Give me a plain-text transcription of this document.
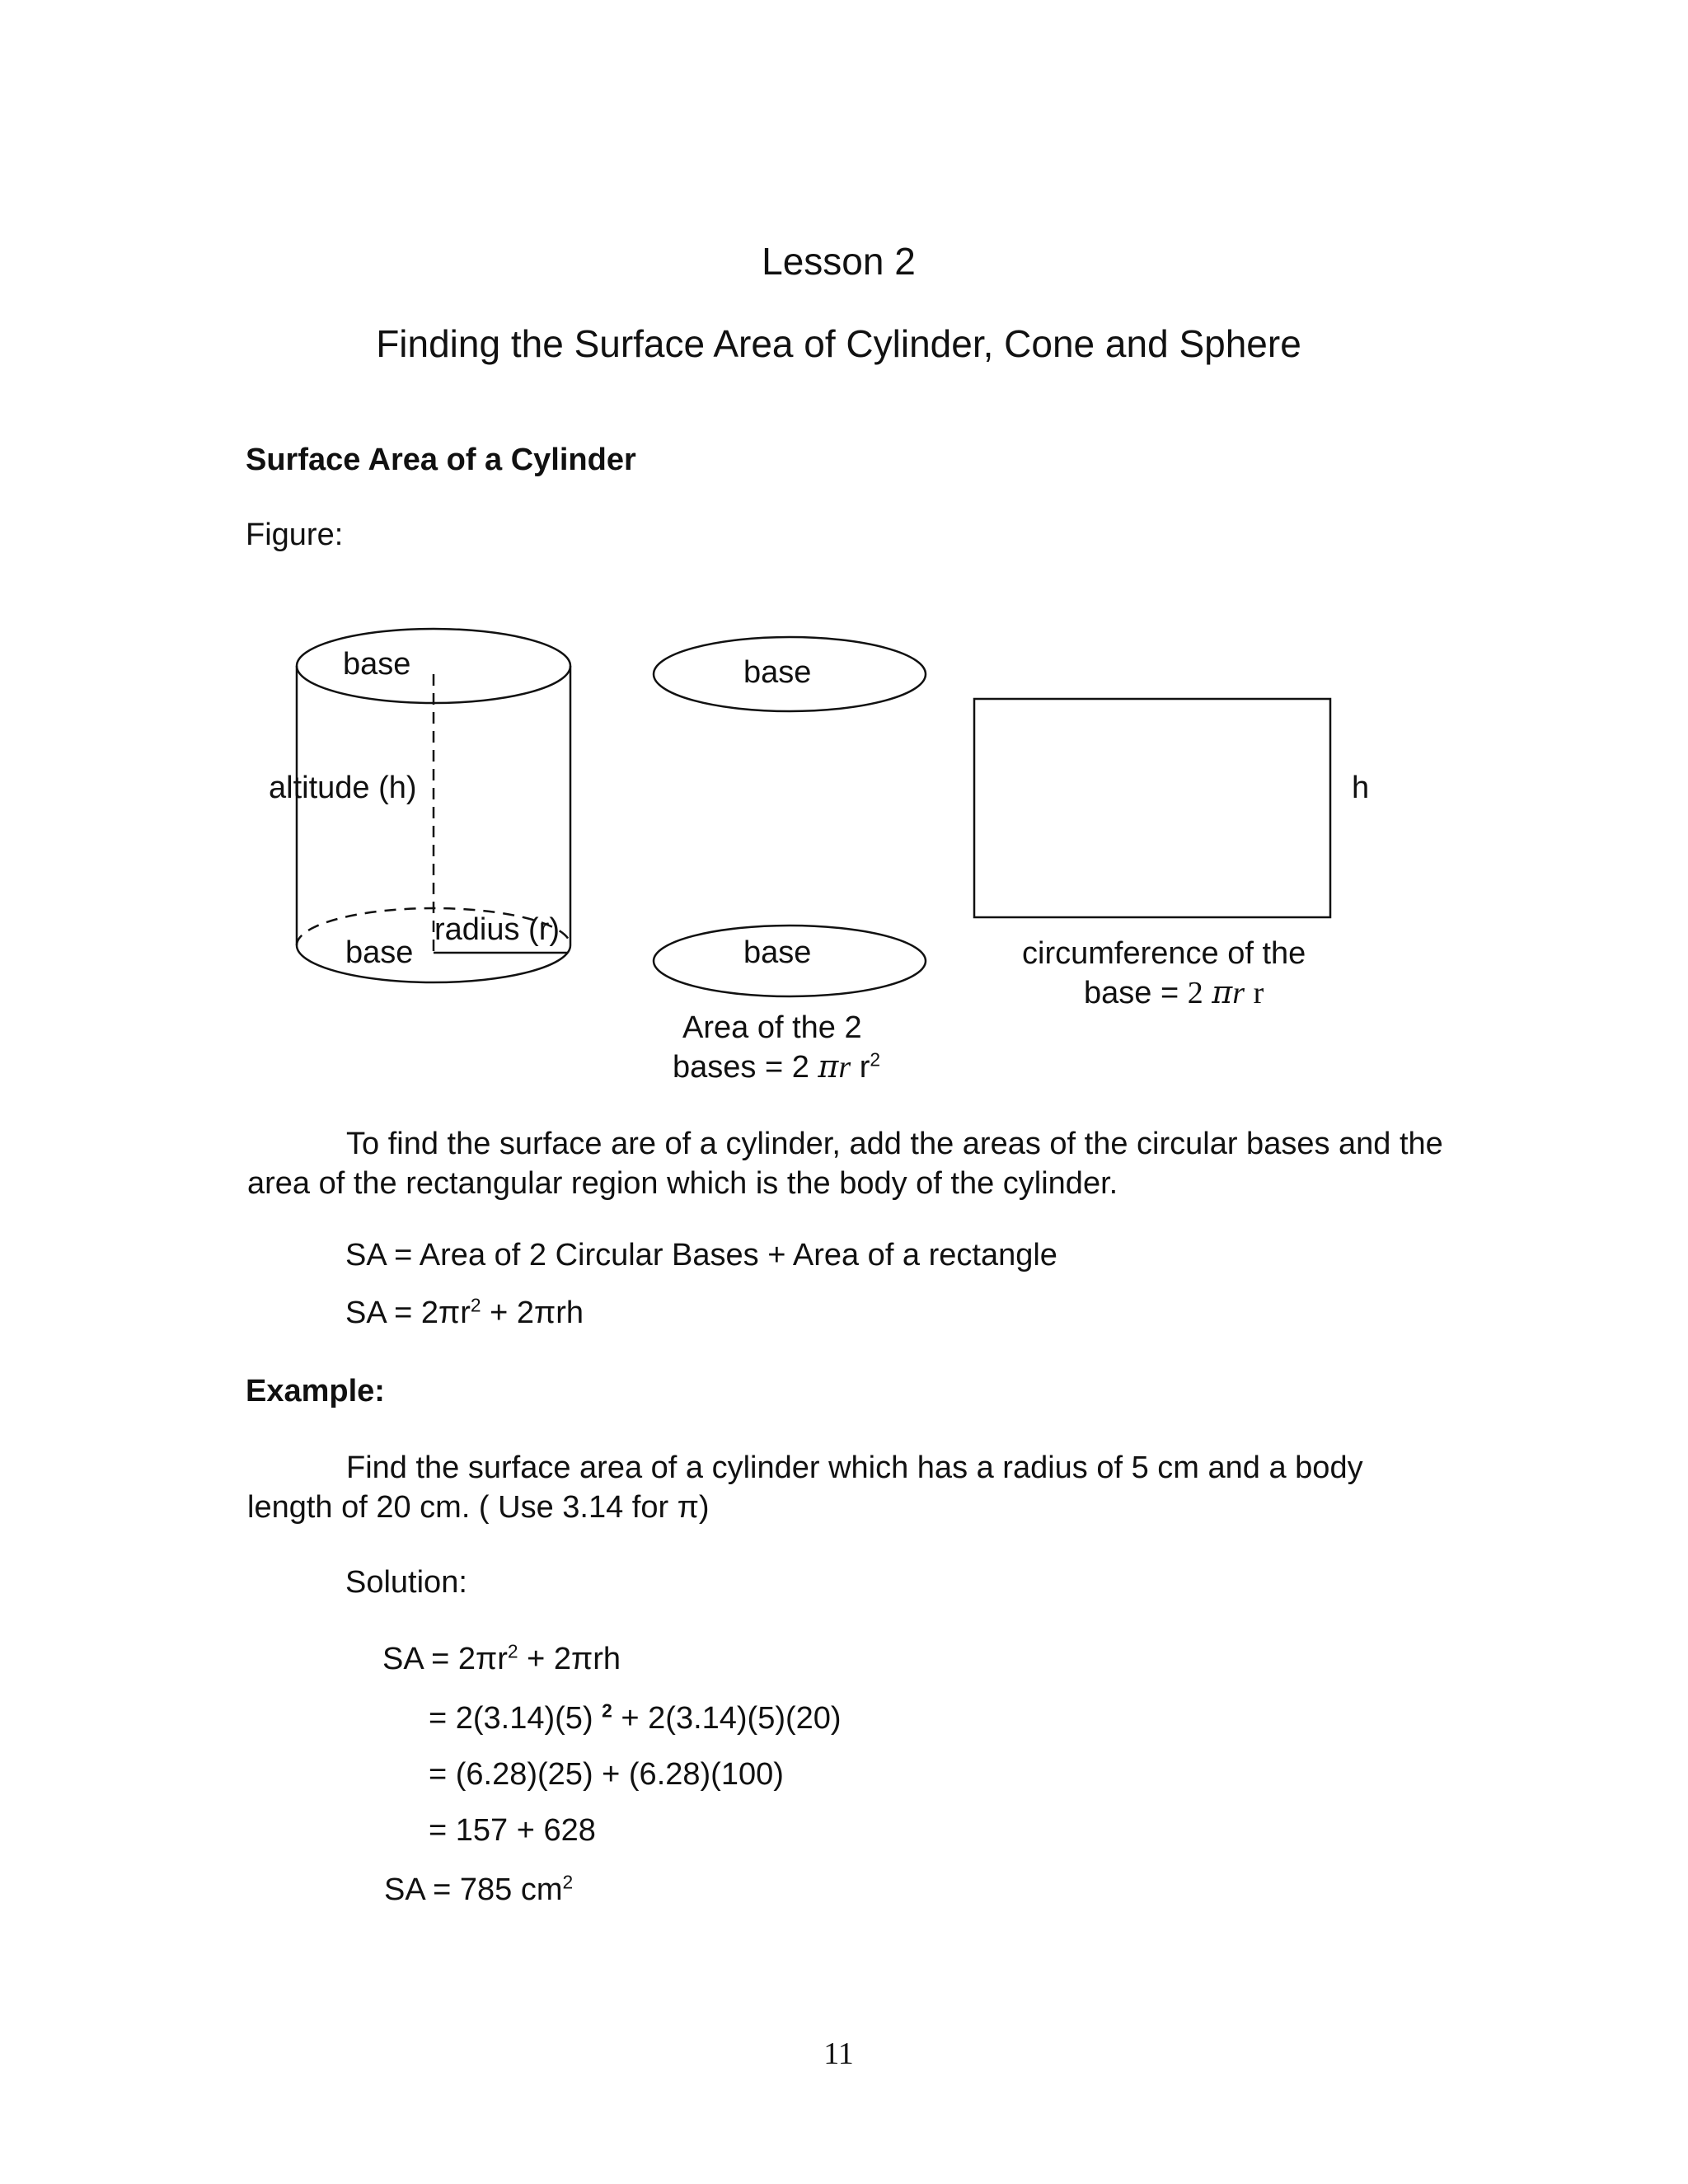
Lesson 2
Finding the Surface Area of Cylinder, Cone and Sphere
Surface Area of a Cylinder
Figure:
base
altitude (h)
base
radius (r)
base
base
Area of the 2
bases = 2 πr $r^2$
h
circumference of the
base = 2 πr r
To find the surface are of a cylinder, add the areas of the circular bases and the area of the rectangular region which is the body of the cylinder.
SA = Area of 2 Circular Bases + Area of a rectangle
SA = $2\pi r^2 + 2\pi rh$
Example:
Find the surface area of a cylinder which has a radius of 5 cm and a body length of 20 cm. ( Use 3.14 for π)
Solution:
SA = $2\pi r^2 + 2\pi rh$
= 2(3.14)(5) $^2$ + 2(3.14)(5)(20)
= (6.28)(25) + (6.28)(100)
= 157 + 628
SA = 785 $cm^2$
11
